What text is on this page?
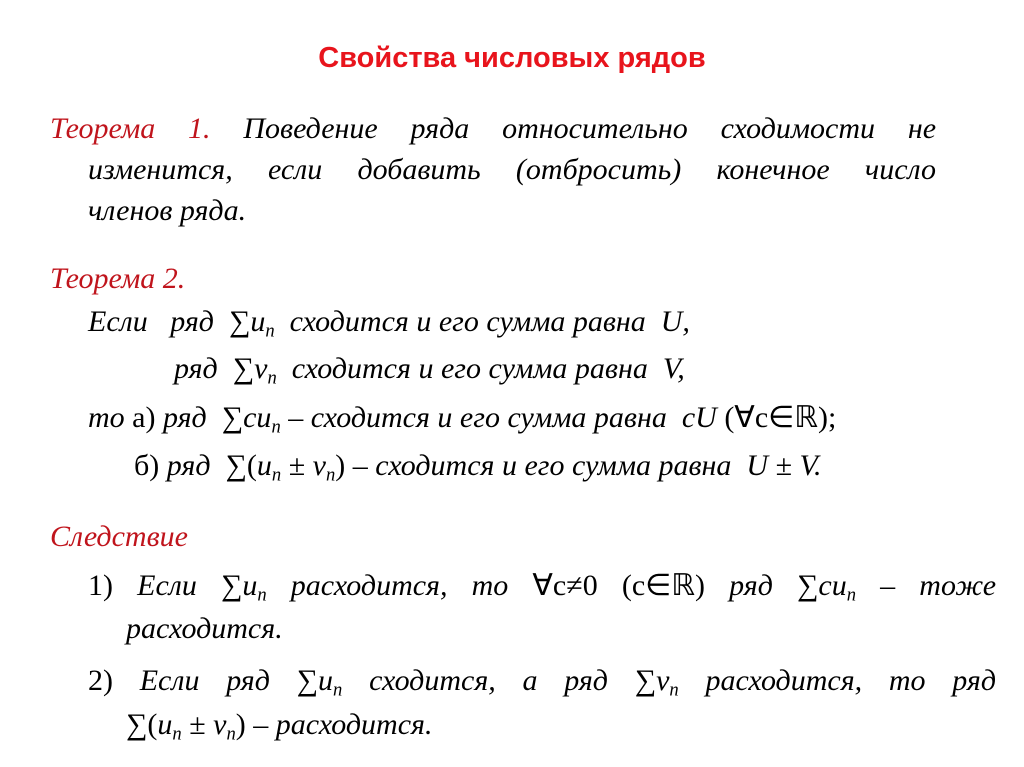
Свойства числовых рядов
Теорема 1. Поведение ряда относительно сходимости не
изменится, если добавить (отбросить) конечное число
членов ряда.
Теорема 2.
Если ряд $\sum u_n$ сходится и его сумма равна U,
ряд $\sum v_n$ сходится и его сумма равна V,
то а) ряд $\sum cu_n$ – сходится и его сумма равна cU (∀c∈ℝ);
б) ряд $\sum(u_n \pm v_n)$ – сходится и его сумма равна U ± V.
Следствие
1) Если $\sum u_n$ расходится, то ∀c≠0 (c∈ℝ) ряд $\sum cu_n$ – тоже
расходится.
2) Если ряд $\sum u_n$ сходится, а ряд $\sum v_n$ расходится, то ряд
$\sum(u_n \pm v_n)$ – расходится.
